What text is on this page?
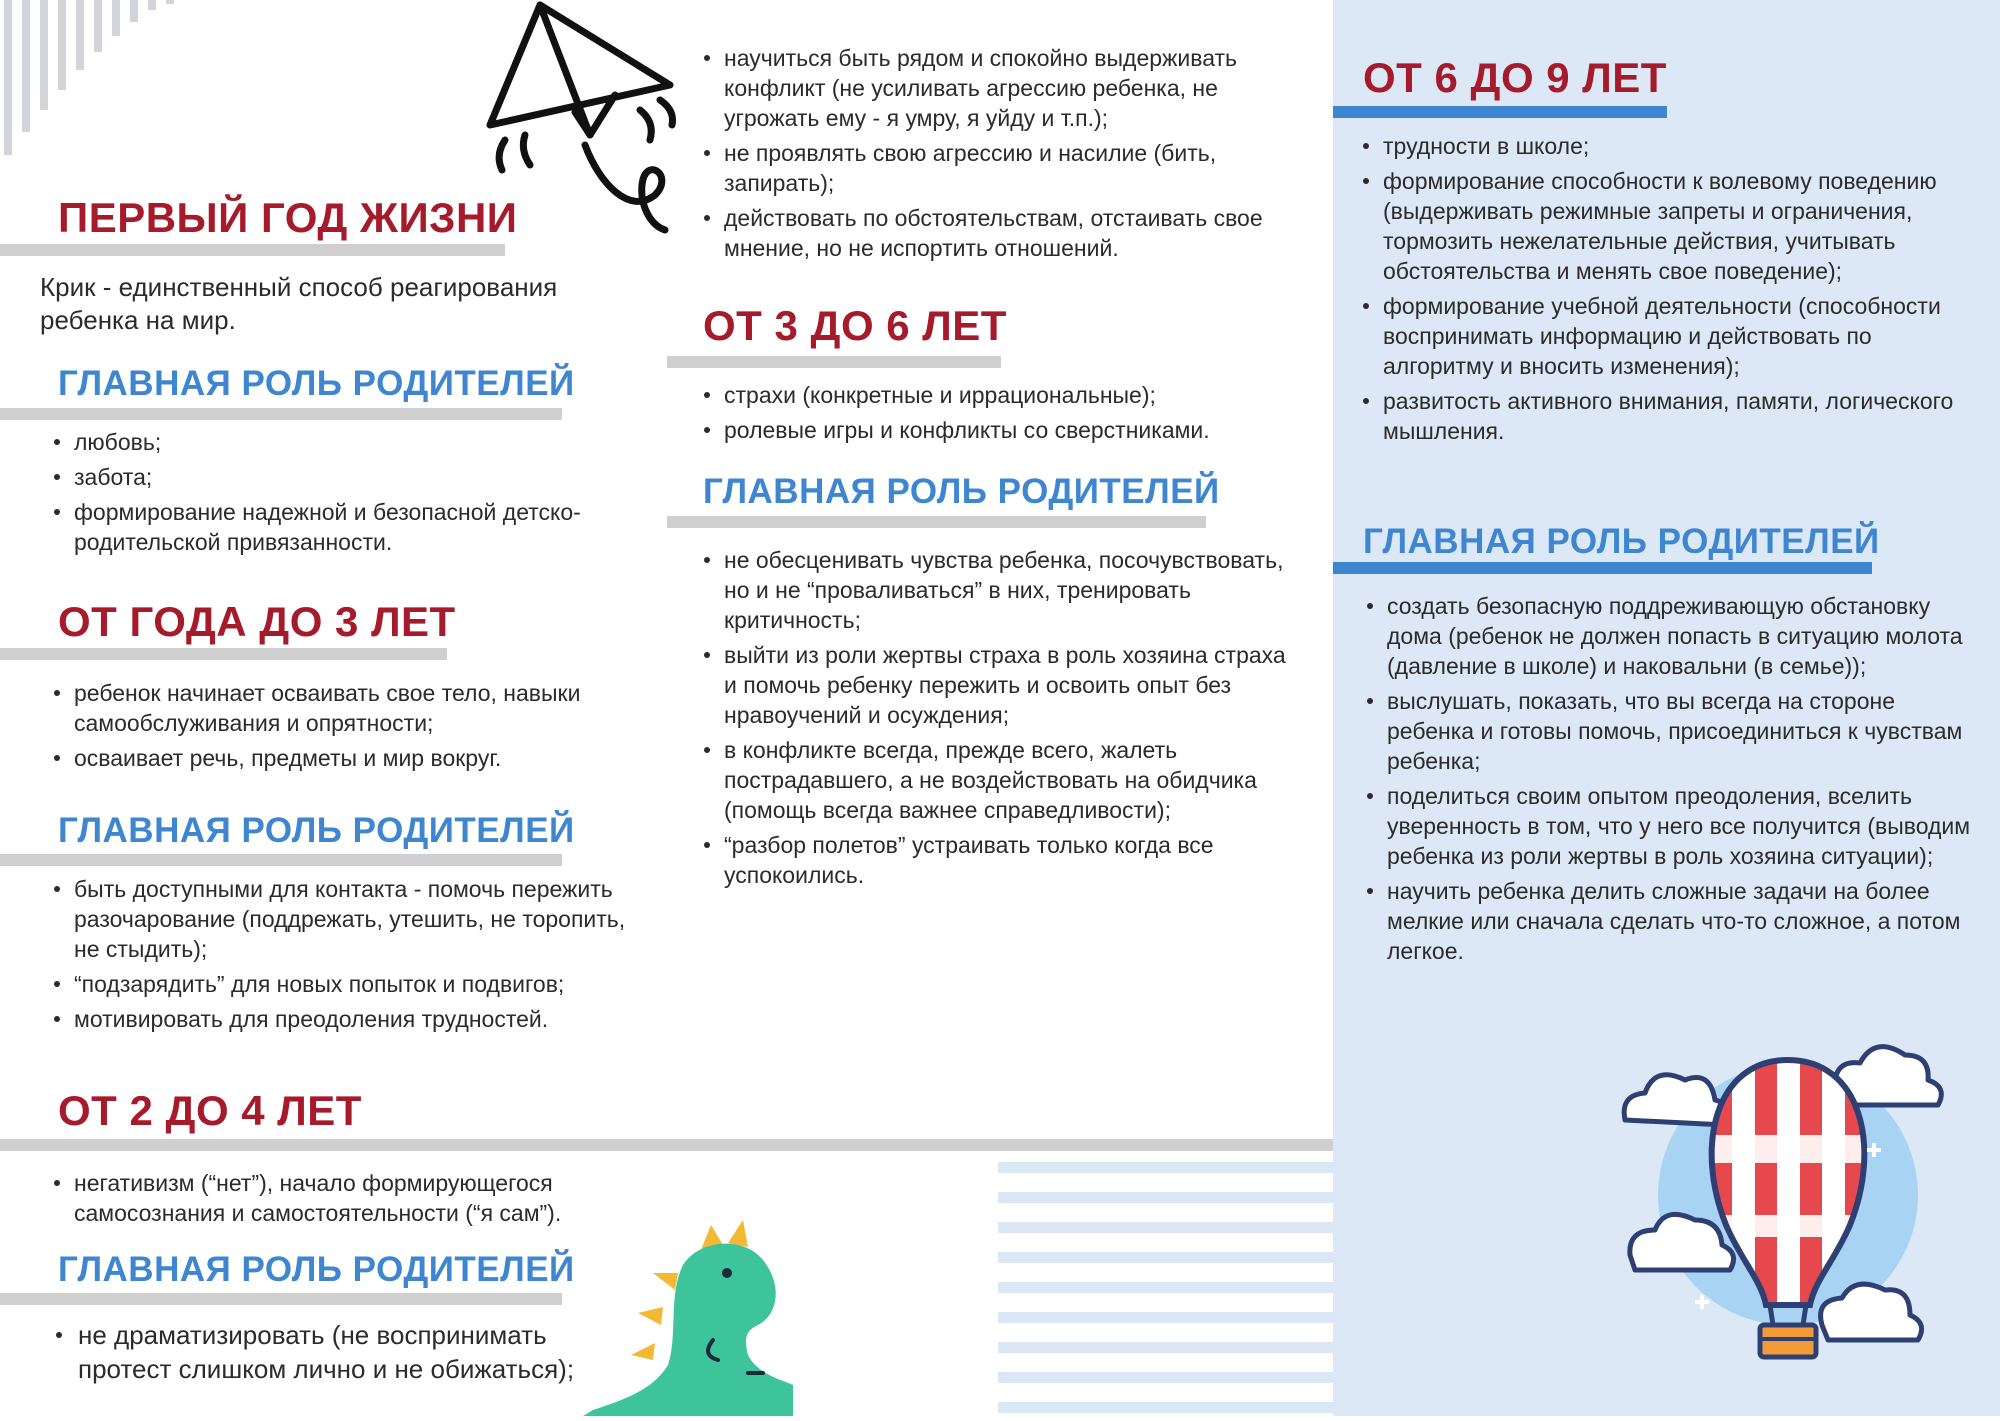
ПЕРВЫЙ ГОД ЖИЗНИ

Крик - единственный способ реагирования ребенка на мир.

ГЛАВНАЯ РОЛЬ РОДИТЕЛЕЙ
любовь;
забота;
формирование надежной и безопасной детско-родительской привязанности.
ОТ ГОДА ДО 3 ЛЕТ
ребенок начинает осваивать свое тело, навыки самообслуживания и опрятности;
осваивает речь, предметы и мир вокруг.
ГЛАВНАЯ РОЛЬ РОДИТЕЛЕЙ
быть доступными для контакта - помочь пережить разочарование (поддрежать, утешить, не торопить, не стыдить);
“подзарядить” для новых попыток и подвигов;
мотивировать для преодоления трудностей.
ОТ 2 ДО 4 ЛЕТ
негативизм (“нет”), начало формирующегося самосознания и самостоятельности (“я сам”).
ГЛАВНАЯ РОЛЬ РОДИТЕЛЕЙ
не драматизировать (не воспринимать протест слишком лично и не обижаться);
научиться быть рядом и спокойно выдерживать конфликт (не усиливать агрессию ребенка, не угрожать ему - я умру, я уйду и т.п.);
не проявлять свою агрессию и насилие (бить, запирать);
действовать по обстоятельствам, отстаивать свое мнение, но не испортить отношений.
ОТ 3 ДО 6 ЛЕТ
страхи (конкретные и иррациональные);
ролевые игры и конфликты со сверстниками.
ГЛАВНАЯ РОЛЬ РОДИТЕЛЕЙ
не обесценивать чувства ребенка, посочувствовать, но и не “проваливаться” в них, тренировать критичность;
выйти из роли жертвы страха в роль хозяина страха и помочь ребенку пережить и освоить опыт без нравоучений и осуждения;
в конфликте всегда, прежде всего, жалеть пострадавшего, а не воздействовать на обидчика (помощь всегда важнее справедливости);
“разбор полетов” устраивать только когда все успокоились.
ОТ 6 ДО 9 ЛЕТ
трудности в школе;
формирование способности к волевому поведению (выдерживать режимные запреты и ограничения, тормозить нежелательные действия, учитывать обстоятельства и менять свое поведение);
формирование учебной деятельности (способности воспринимать информацию и действовать по алгоритму и вносить изменения);
развитость активного внимания, памяти, логического мышления.
ГЛАВНАЯ РОЛЬ РОДИТЕЛЕЙ
создать безопасную поддреживающую обстановку дома (ребенок не должен попасть в ситуацию молота (давление в школе) и наковальни (в семье));
выслушать, показать, что вы всегда на стороне ребенка и готовы помочь, присоединиться к чувствам ребенка;
поделиться своим опытом преодоления, вселить уверенность в том, что у него все получится (выводим ребенка из роли жертвы в роль хозяина ситуации);
научить ребенка делить сложные задачи на более мелкие или сначала сделать что-то сложное, а потом легкое.
